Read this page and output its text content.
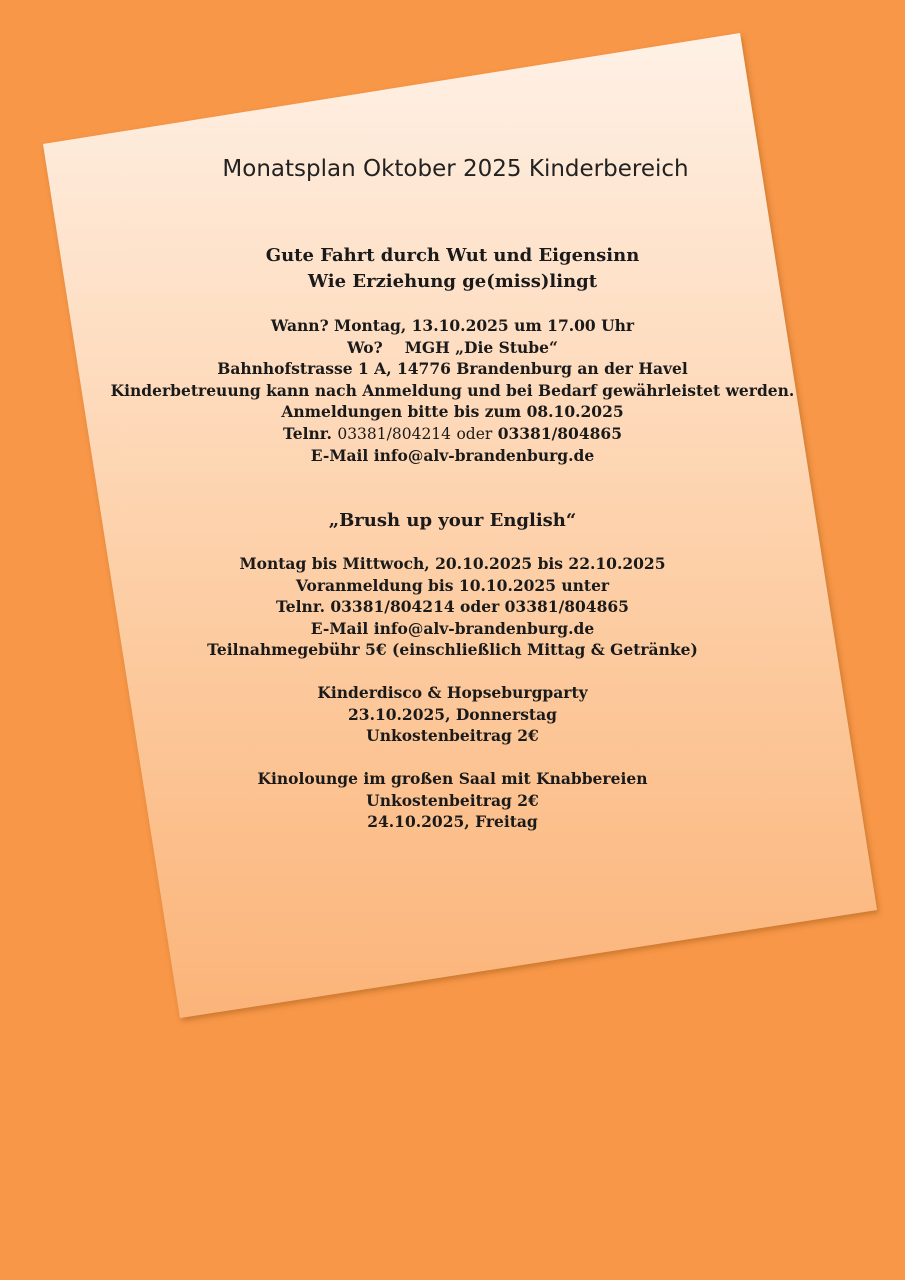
Monatsplan Oktober 2025 Kinderbereich
Gute Fahrt durch Wut und Eigensinn
Wie Erziehung ge(miss)lingt
Wann? Montag, 13.10.2025 um 17.00 Uhr
Wo? MGH „Die Stube“
Bahnhofstrasse 1 A, 14776 Brandenburg an der Havel
Kinderbetreuung kann nach Anmeldung und bei Bedarf gewährleistet werden.
Anmeldungen bitte bis zum 08.10.2025
Telnr. 03381/804214 oder 03381/804865
E-Mail info@alv-brandenburg.de
„Brush up your English“
Montag bis Mittwoch, 20.10.2025 bis 22.10.2025
Voranmeldung bis 10.10.2025 unter
Telnr. 03381/804214 oder 03381/804865
E-Mail info@alv-brandenburg.de
Teilnahmegebühr 5€ (einschließlich Mittag & Getränke)
Kinderdisco & Hopseburgparty
23.10.2025, Donnerstag
Unkostenbeitrag 2€
Kinolounge im großen Saal mit Knabbereien
Unkostenbeitrag 2€
24.10.2025, Freitag
